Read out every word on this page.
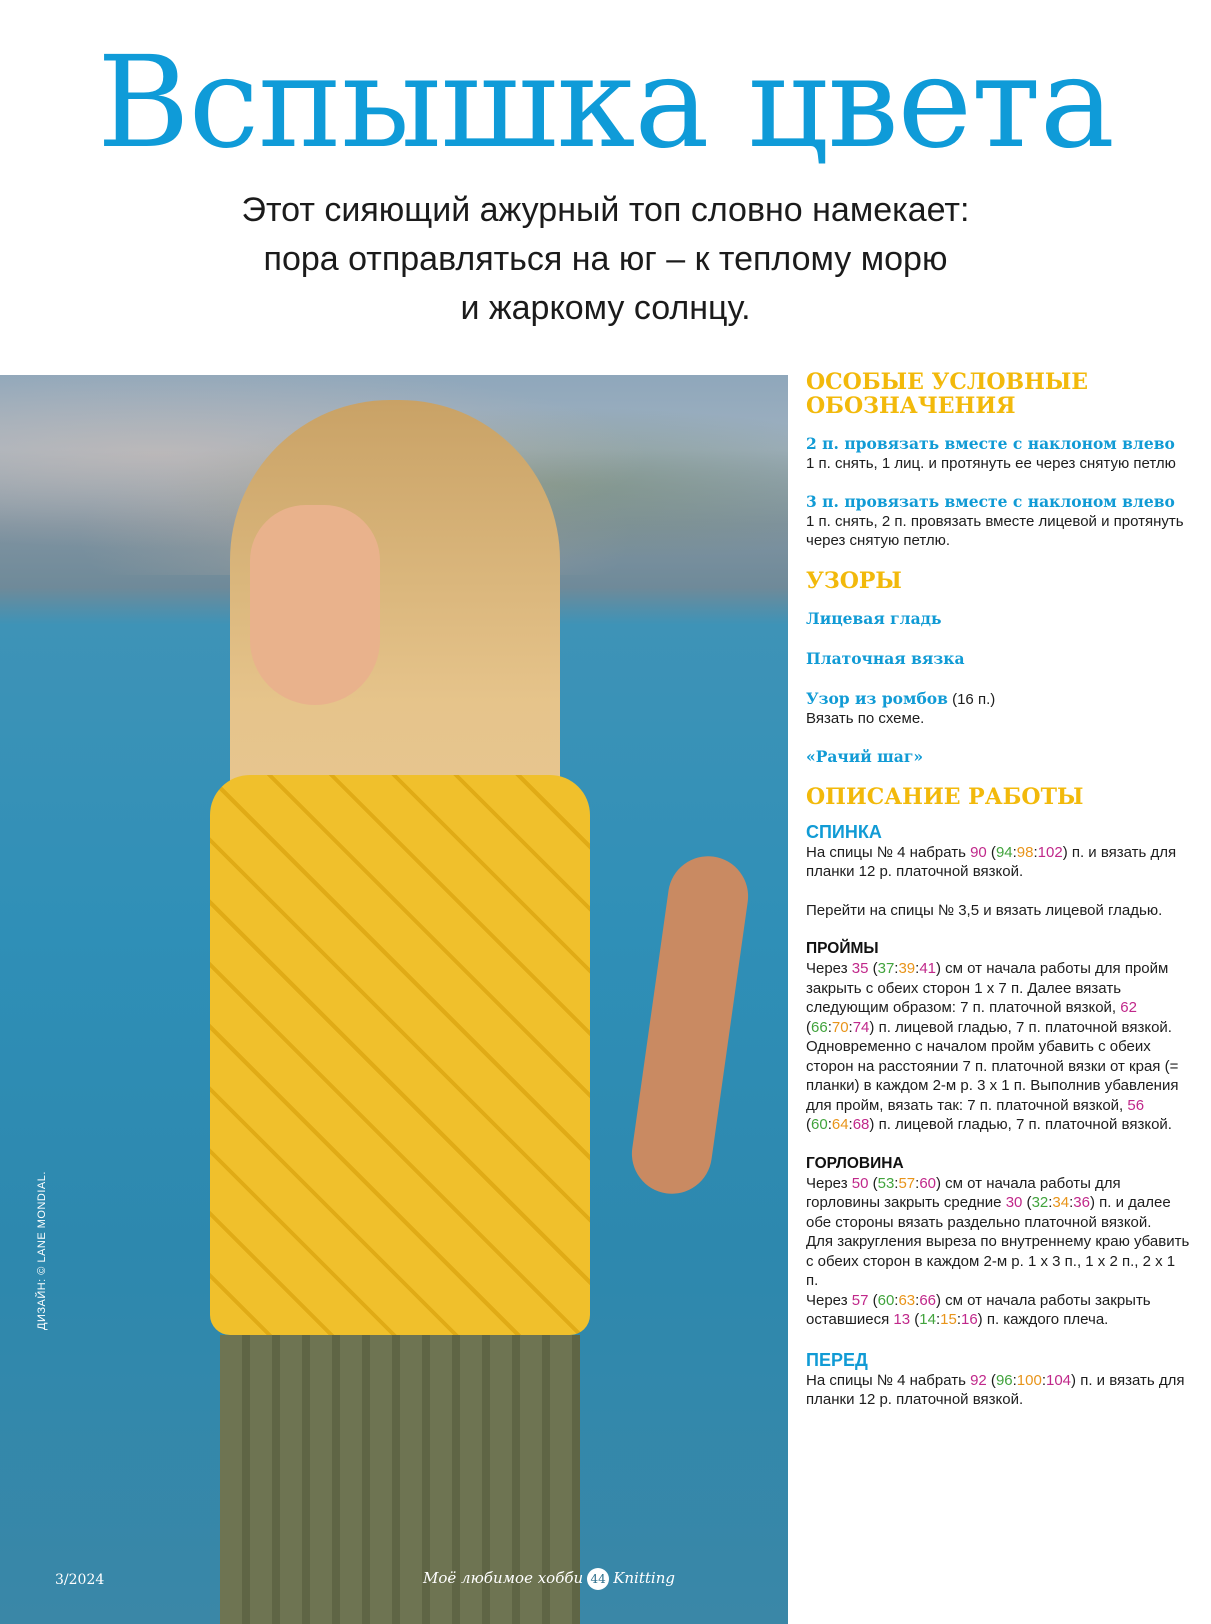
Вспышка цвета
Этот сияющий ажурный топ словно намекает:
пора отправляться на юг – к теплому морю
и жаркому солнцу.
ДИЗАЙН: © LANE MONDIAL.
ОСОБЫЕ УСЛОВНЫЕ
ОБОЗНАЧЕНИЯ
2 п. провязать вместе с наклоном влево

1 п. снять, 1 лиц. и протянуть ее через снятую петлю

3 п. провязать вместе с наклоном влево

1 п. снять, 2 п. провязать вместе лицевой и протянуть через снятую петлю.

УЗОРЫ
Лицевая гладь
Платочная вязка
Узор из ромбов (16 п.)

Вязать по схеме.

«Рачий шаг»
ОПИСАНИЕ РАБОТЫ
СПИНКА

На спицы № 4 набрать 90 (94:98:102) п. и вязать для планки 12 р. платочной вязкой.

Перейти на спицы № 3,5 и вязать лицевой гладью.

ПРОЙМЫ

Через 35 (37:39:41) см от начала работы для пройм закрыть с обеих сторон 1 х 7 п. Далее вязать следующим образом: 7 п. платочной вязкой, 62 (66:70:74) п. лицевой гладью, 7 п. платочной вязкой. Одновременно с началом пройм убавить с обеих сторон на расстоянии 7 п. платочной вязки от края (= планки) в каждом 2-м р. 3 х 1 п. Выполнив убавления для пройм, вязать так: 7 п. платочной вязкой, 56 (60:64:68) п. лицевой гладью, 7 п. платочной вязкой.

ГОРЛОВИНА

Через 50 (53:57:60) см от начала работы для горловины закрыть средние 30 (32:34:36) п. и далее обе стороны вязать раздельно платочной вязкой.

Для закругления выреза по внутреннему краю убавить с обеих сторон в каждом 2-м р. 1 х 3 п., 1 х 2 п., 2 х 1 п.

Через 57 (60:63:66) см от начала работы закрыть оставшиеся 13 (14:15:16) п. каждого плеча.

ПЕРЕД

На спицы № 4 набрать 92 (96:100:104) п. и вязать для планки 12 р. платочной вязкой.

3/2024	Моё любимое хобби 44 Knitting
